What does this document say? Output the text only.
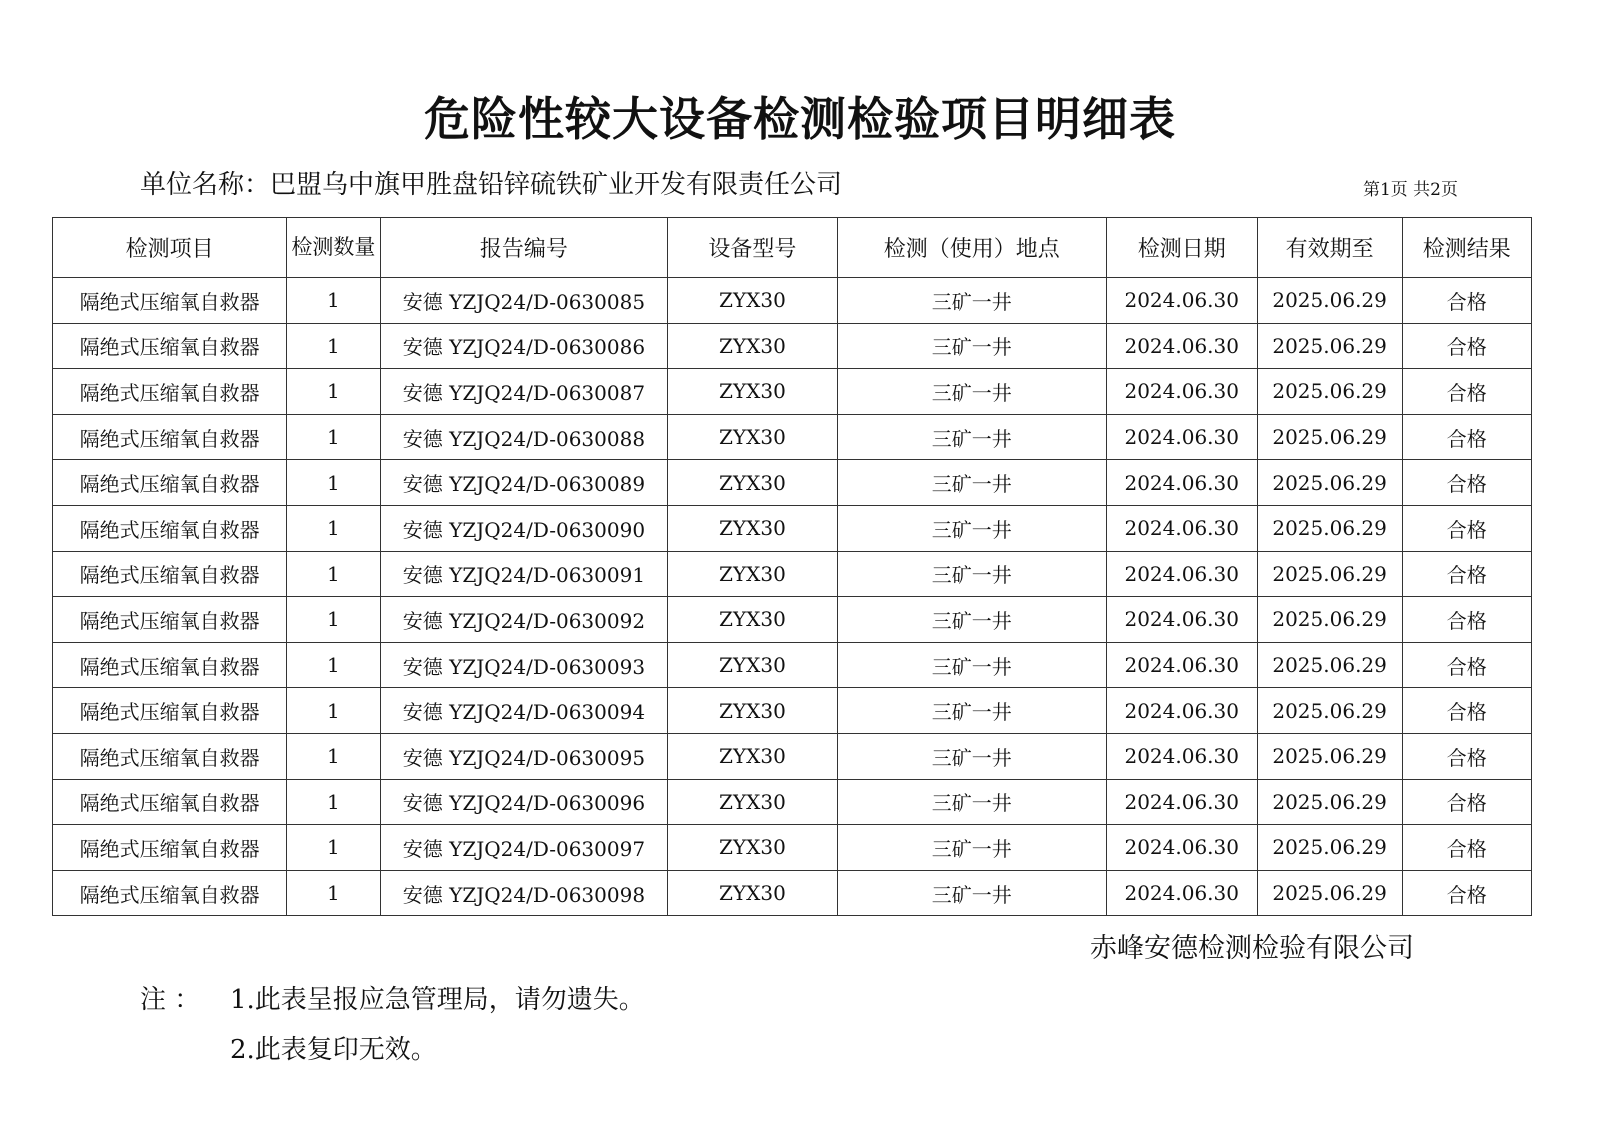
危险性较大设备检测检验项目明细表
单位名称：巴盟乌中旗甲胜盘铅锌硫铁矿业开发有限责任公司	第1页 共2页
检测项目	检测数量	报告编号	设备型号	检测（使用）地点	检测日期	有效期至	检测结果
隔绝式压缩氧自救器	1	安德 YZJQ24/D-0630085	ZYX30	三矿一井	2024.06.30	2025.06.29	合格
隔绝式压缩氧自救器	1	安德 YZJQ24/D-0630086	ZYX30	三矿一井	2024.06.30	2025.06.29	合格
隔绝式压缩氧自救器	1	安德 YZJQ24/D-0630087	ZYX30	三矿一井	2024.06.30	2025.06.29	合格
隔绝式压缩氧自救器	1	安德 YZJQ24/D-0630088	ZYX30	三矿一井	2024.06.30	2025.06.29	合格
隔绝式压缩氧自救器	1	安德 YZJQ24/D-0630089	ZYX30	三矿一井	2024.06.30	2025.06.29	合格
隔绝式压缩氧自救器	1	安德 YZJQ24/D-0630090	ZYX30	三矿一井	2024.06.30	2025.06.29	合格
隔绝式压缩氧自救器	1	安德 YZJQ24/D-0630091	ZYX30	三矿一井	2024.06.30	2025.06.29	合格
隔绝式压缩氧自救器	1	安德 YZJQ24/D-0630092	ZYX30	三矿一井	2024.06.30	2025.06.29	合格
隔绝式压缩氧自救器	1	安德 YZJQ24/D-0630093	ZYX30	三矿一井	2024.06.30	2025.06.29	合格
隔绝式压缩氧自救器	1	安德 YZJQ24/D-0630094	ZYX30	三矿一井	2024.06.30	2025.06.29	合格
隔绝式压缩氧自救器	1	安德 YZJQ24/D-0630095	ZYX30	三矿一井	2024.06.30	2025.06.29	合格
隔绝式压缩氧自救器	1	安德 YZJQ24/D-0630096	ZYX30	三矿一井	2024.06.30	2025.06.29	合格
隔绝式压缩氧自救器	1	安德 YZJQ24/D-0630097	ZYX30	三矿一井	2024.06.30	2025.06.29	合格
隔绝式压缩氧自救器	1	安德 YZJQ24/D-0630098	ZYX30	三矿一井	2024.06.30	2025.06.29	合格
赤峰安德检测检验有限公司
注 ： 1.此表呈报应急管理局，请勿遗失。
2.此表复印无效。
